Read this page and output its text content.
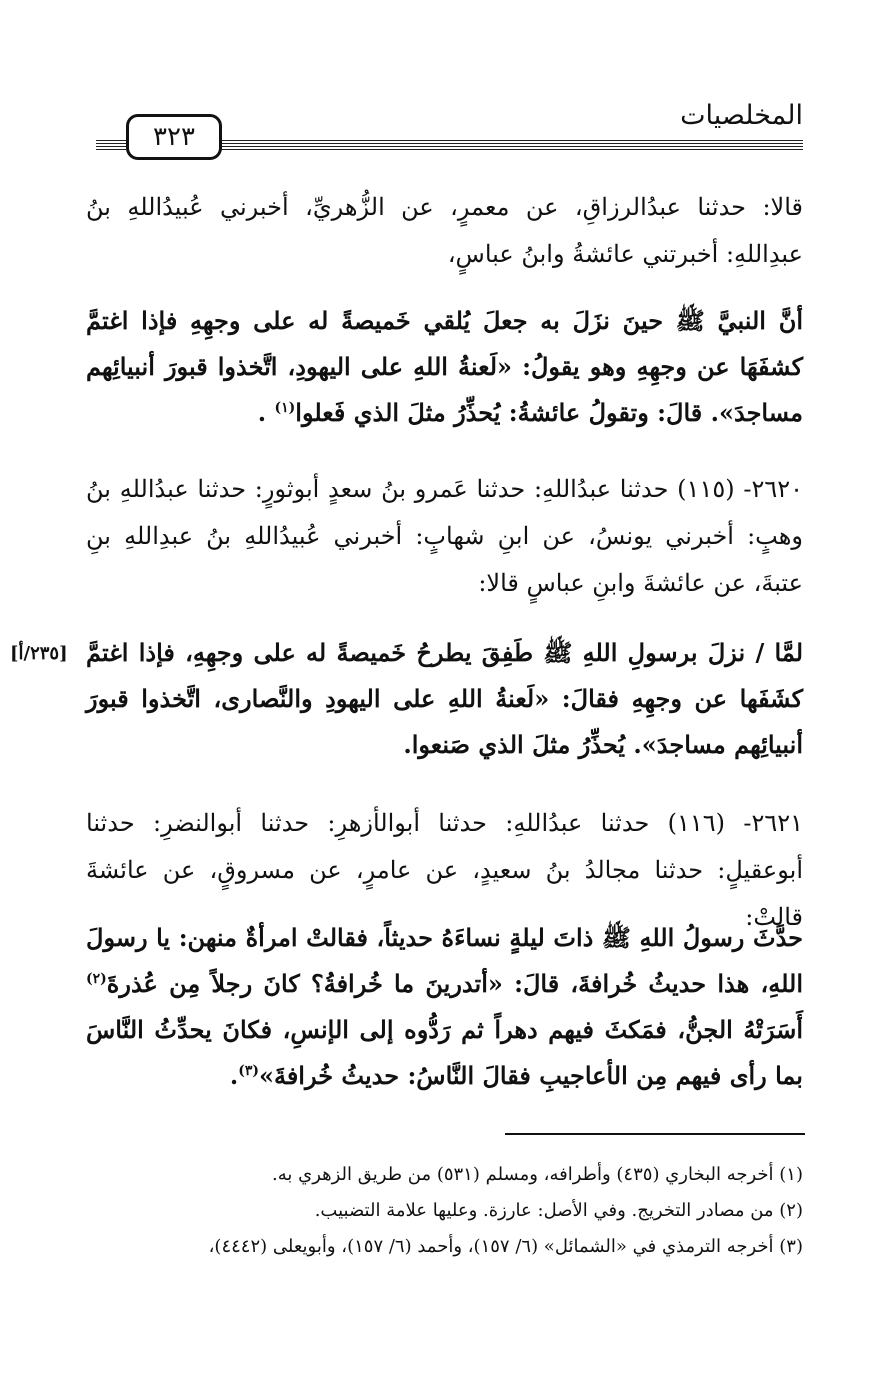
المخلصيات
٣٢٣

قالا: حدثنا عبدُالرزاقِ، عن معمرٍ، عن الزُّهريِّ، أخبرني عُبيدُاللهِ بنُ عبدِاللهِ: أخبرتني عائشةُ وابنُ عباسٍ،

أنَّ النبيَّ ﷺ حينَ نزَلَ به جعلَ يُلقي خَميصةً له على وجهِهِ فإذا اغتمَّ كشفَهَا عن وجهِهِ وهو يقولُ: «لَعنةُ اللهِ على اليهودِ، اتَّخذوا قبورَ أنبيائِهم مساجدَ». قالَ: وتقولُ عائشةُ: يُحذِّرُ مثلَ الذي فَعلوا$^{(١)}$ .

٢٦٢٠- (١١٥) حدثنا عبدُاللهِ: حدثنا عَمرو بنُ سعدٍ أبوثورٍ: حدثنا عبدُاللهِ بنُ وهبٍ: أخبرني يونسُ، عن ابنِ شهابٍ: أخبرني عُبيدُاللهِ بنُ عبدِاللهِ بنِ عتبةَ، عن عائشةَ وابنِ عباسٍ قالا:

[٢٣٥/أ] لمَّا / نزلَ برسولِ اللهِ ﷺ طَفِقَ يطرحُ خَميصةً له على وجهِهِ، فإذا اغتمَّ كشَفَها عن وجهِهِ فقالَ: «لَعنةُ اللهِ على اليهودِ والنَّصارى، اتَّخذوا قبورَ أنبيائِهم مساجدَ». يُحذِّرُ مثلَ الذي صَنعوا.

٢٦٢١- (١١٦) حدثنا عبدُاللهِ: حدثنا أبوالأزهرِ: حدثنا أبوالنضرِ: حدثنا أبوعقيلٍ: حدثنا مجالدُ بنُ سعيدٍ، عن عامرٍ، عن مسروقٍ، عن عائشةَ قالتْ:

حدَّثَ رسولُ اللهِ ﷺ ذاتَ ليلةٍ نساءَهُ حديثاً، فقالتْ امرأةٌ منهن: يا رسولَ اللهِ، هذا حديثُ خُرافةَ، قالَ: «أتدرينَ ما خُرافةُ؟ كانَ رجلاً مِن عُذرةَ$^{(٢)}$ أَسَرَتْهُ الجنُّ، فمَكثَ فيهم دهراً ثم رَدُّوه إلى الإنسِ، فكانَ يحدِّثُ النَّاسَ بما رأى فيهم مِن الأعاجيبِ فقالَ النَّاسُ: حديثُ خُرافةَ»$^{(٣)}$.

(١) أخرجه البخاري (٤٣٥) وأطرافه، ومسلم (٥٣١) من طريق الزهري به.
(٢) من مصادر التخريج. وفي الأصل: عارزة. وعليها علامة التضبيب.
(٣) أخرجه الترمذي في «الشمائل» (٦/ ١٥٧)، وأحمد (٦/ ١٥٧)، وأبويعلى (٤٤٤٢)،
